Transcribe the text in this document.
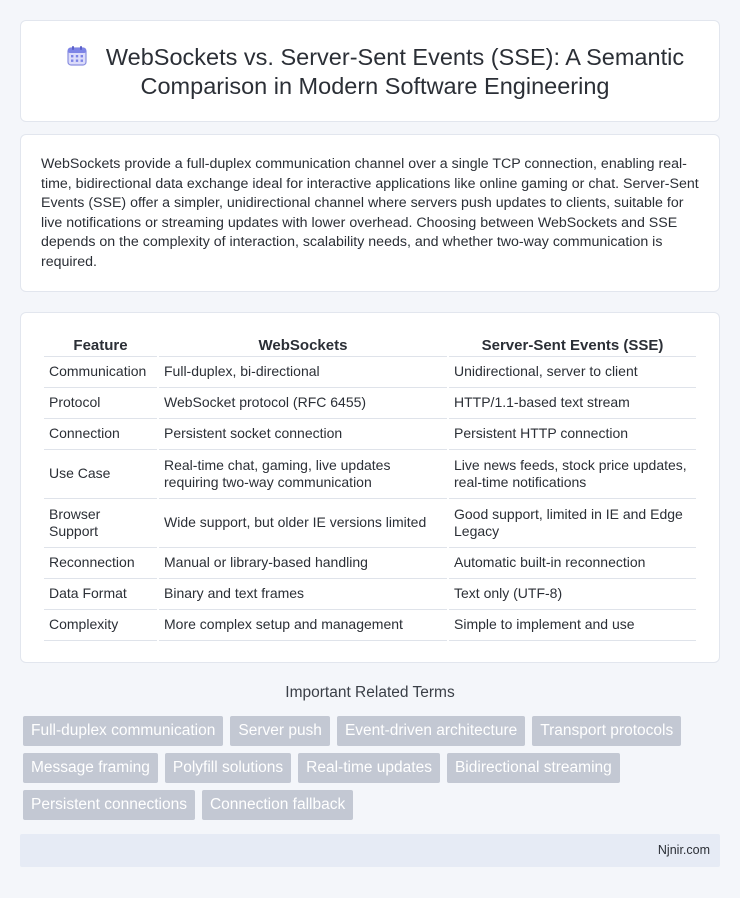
WebSockets vs. Server-Sent Events (SSE): A Semantic
Comparison in Modern Software Engineering

WebSockets provide a full-duplex communication channel over a single TCP connection, enabling real-time, bidirectional data exchange ideal for interactive applications like online gaming or chat. Server-Sent Events (SSE) offer a simpler, unidirectional channel where servers push updates to clients, suitable for live notifications or streaming updates with lower overhead. Choosing between WebSockets and SSE depends on the complexity of interaction, scalability needs, and whether two-way communication is required.

Feature	WebSockets	Server-Sent Events (SSE)
Communication	Full-duplex, bi-directional	Unidirectional, server to client
Protocol	WebSocket protocol (RFC 6455)	HTTP/1.1-based text stream
Connection	Persistent socket connection	Persistent HTTP connection
Use Case	Real-time chat, gaming, live updates requiring two-way communication	Live news feeds, stock price updates, real-time notifications
Browser Support	Wide support, but older IE versions limited	Good support, limited in IE and Edge Legacy
Reconnection	Manual or library-based handling	Automatic built-in reconnection
Data Format	Binary and text frames	Text only (UTF-8)
Complexity	More complex setup and management	Simple to implement and use
Important Related Terms
Full-duplex communication	Server push	Event-driven architecture	Transport protocols
Message framing	Polyfill solutions	Real-time updates	Bidirectional streaming
Persistent connections	Connection fallback
Njnir.com
